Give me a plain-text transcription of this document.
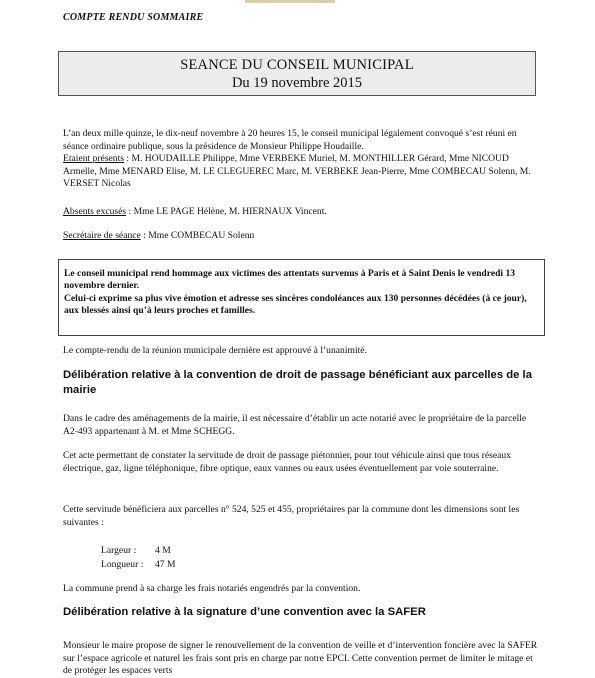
COMPTE RENDU SOMMAIRE
SEANCE DU CONSEIL MUNICIPAL
Du 19 novembre 2015
L’an deux mille quinze, le dix-neuf novembre à 20 heures 15, le conseil municipal légalement convoqué s’est réuni en séance ordinaire publique, sous la présidence de Monsieur Philippe Houdaille.
Etaient présents : M. HOUDAILLE Philippe, Mme VERBEKE Muriel, M. MONTHILLER Gérard, Mme NICOUD Armelle, Mme MENARD Elise, M. LE CLEGUEREC Marc, M. VERBEKE Jean-Pierre, Mme COMBECAU Solenn, M. VERSET Nicolas
Absents excusés : Mme LE PAGE Hélène, M. HIERNAUX Vincent.
Secrétaire de séance : Mme COMBECAU Solenn

Le conseil municipal rend hommage aux victimes des attentats survenus à Paris et à Saint Denis le vendredi 13 novembre dernier.

Celui-ci exprime sa plus vive émotion et adresse ses sincères condoléances aux 130 personnes décédées (à ce jour), aux blessés ainsi qu’à leurs proches et familles.

Le compte-rendu de la réunion municipale dernière est approuvé à l’unanimité.
Délibération relative à la convention de droit de passage bénéficiant aux parcelles de la mairie
Dans le cadre des aménagements de la mairie, il est nécessaire d’établir un acte notarié avec le propriétaire de la parcelle A2-493 appartenant à M. et Mme SCHEGG.
Cet acte permettant de constater la servitude de droit de passage piétonnier, pour tout véhicule ainsi que tous réseaux électrique, gaz, ligne téléphonique, fibre optique, eaux vannes ou eaux usées éventuellement par voie souterraine.
Cette servitude bénéficiera aux parcelles n° 524, 525 et 455, propriétaires par la commune dont les dimensions sont les suivantes :
Largeur : 4 M
Longueur : 47 M
La commune prend à sa charge les frais notariés engendrés par la convention.
Délibération relative à la signature d’une convention avec la SAFER
Monsieur le maire propose de signer le renouvellement de la convention de veille et d’intervention foncière avec la SAFER sur l’espace agricole et naturel les frais sont pris en charge par notre EPCI. Cette convention permet de limiter le mitage et de protéger les espaces verts
